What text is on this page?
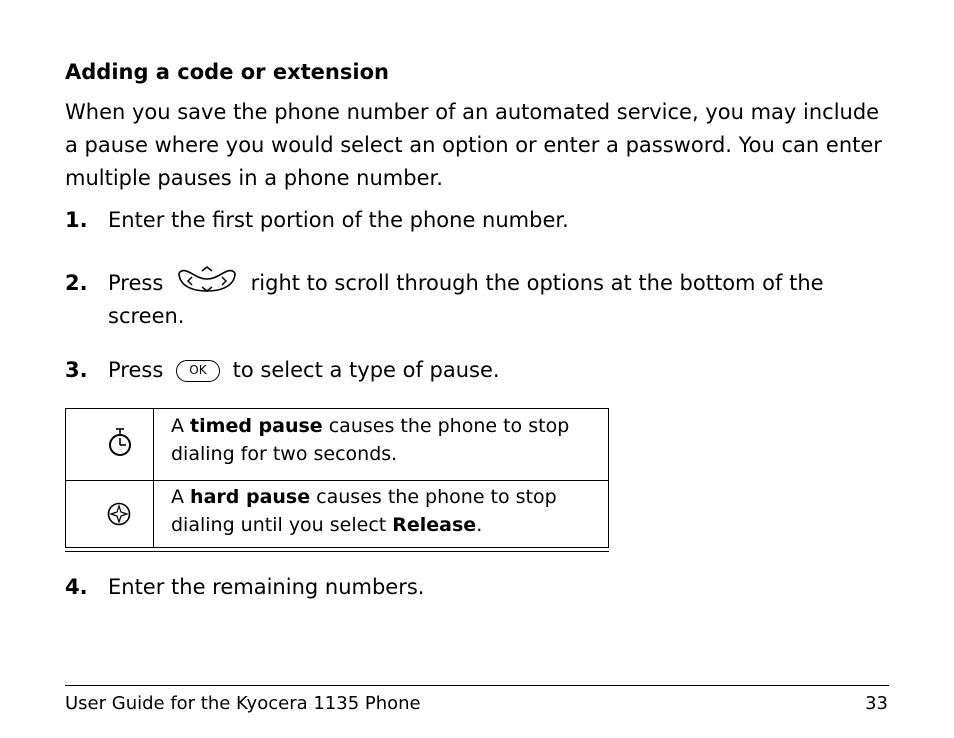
Adding a code or extension

When you save the phone number of an automated service, you may include a pause where you would select an option or enter a password. You can enter multiple pauses in a phone number.

1. Enter the first portion of the phone number.
2. Press	right to scroll through the options at the bottom of the screen.
3. Press OK to select a type of pause.
A timed pause causes the phone to stop dialing for two seconds.
A hard pause causes the phone to stop dialing until you select Release.
4. Enter the remaining numbers.
User Guide for the Kyocera 1135 Phone	33
